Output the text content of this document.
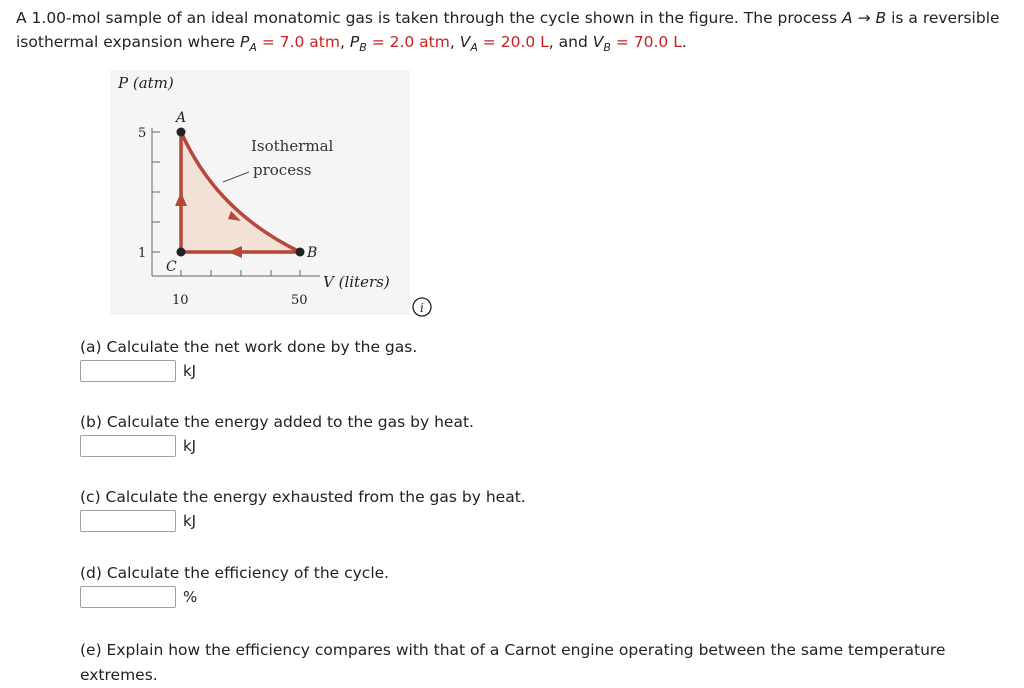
A 1.00-mol sample of an ideal monatomic gas is taken through the cycle shown in the figure. The process A → B is a reversible isothermal expansion where $P_A = 7.0$ atm, $P_B = 2.0$ atm, $V_A = 20.0$ L, and $V_B = 70.0$ L.
P (atm)
5
1
10	50
V (liters)
A
B
C
Isothermal
process
i
(a) Calculate the net work done by the gas.
kJ
(b) Calculate the energy added to the gas by heat.
kJ
(c) Calculate the energy exhausted from the gas by heat.
kJ
(d) Calculate the efficiency of the cycle.
%
(e) Explain how the efficiency compares with that of a Carnot engine operating between the same temperature extremes.
